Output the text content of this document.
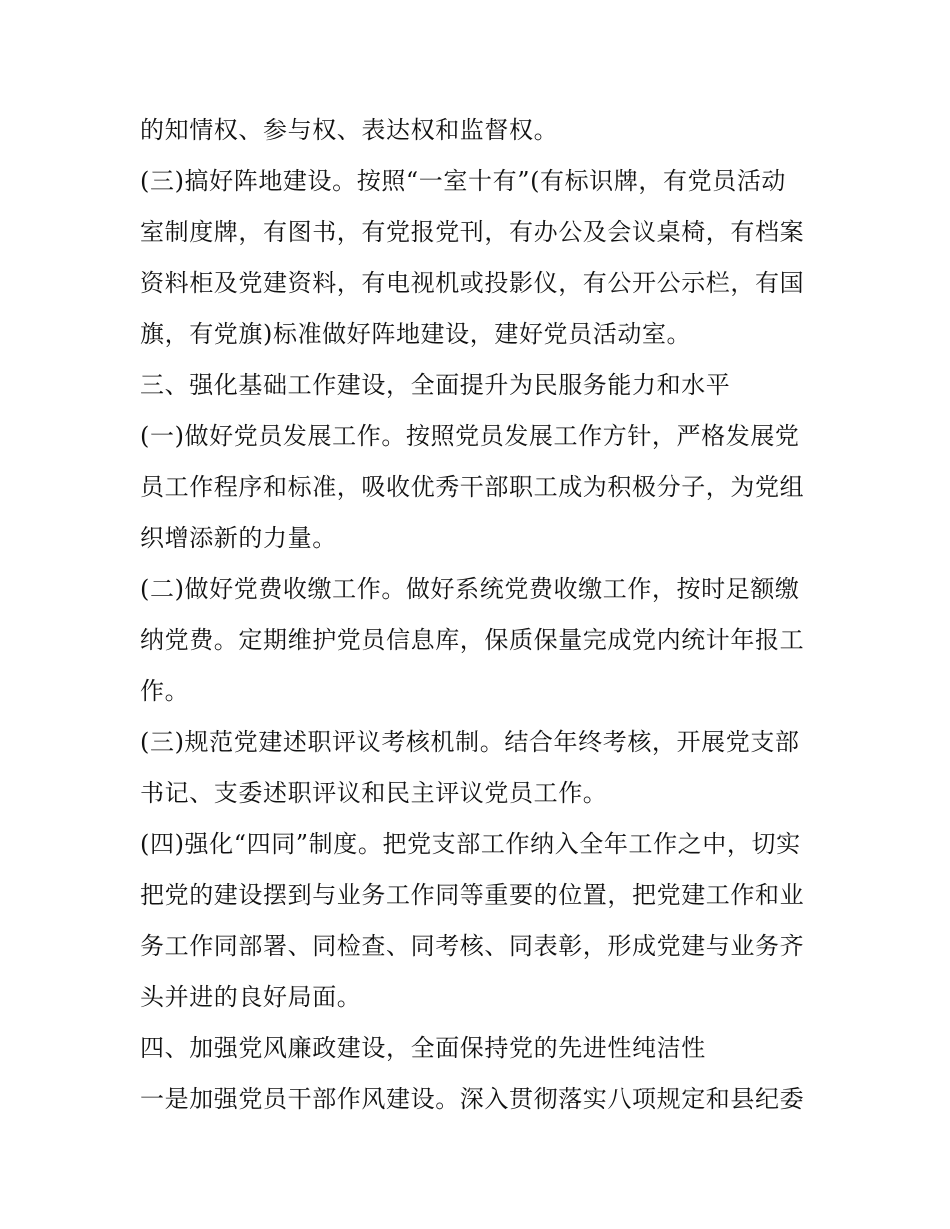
的知情权、参与权、表达权和监督权。
(三)搞好阵地建设。按照“一室十有”(有标识牌，有党员活动
室制度牌，有图书，有党报党刊，有办公及会议桌椅，有档案
资料柜及党建资料，有电视机或投影仪，有公开公示栏，有国
旗，有党旗)标准做好阵地建设，建好党员活动室。
三、强化基础工作建设，全面提升为民服务能力和水平
(一)做好党员发展工作。按照党员发展工作方针，严格发展党
员工作程序和标准，吸收优秀干部职工成为积极分子，为党组
织增添新的力量。
(二)做好党费收缴工作。做好系统党费收缴工作，按时足额缴
纳党费。定期维护党员信息库，保质保量完成党内统计年报工
作。
(三)规范党建述职评议考核机制。结合年终考核，开展党支部
书记、支委述职评议和民主评议党员工作。
(四)强化“四同”制度。把党支部工作纳入全年工作之中，切实
把党的建设摆到与业务工作同等重要的位置，把党建工作和业
务工作同部署、同检查、同考核、同表彰，形成党建与业务齐
头并进的良好局面。
四、加强党风廉政建设，全面保持党的先进性纯洁性
一是加强党员干部作风建设。深入贯彻落实八项规定和县纪委
